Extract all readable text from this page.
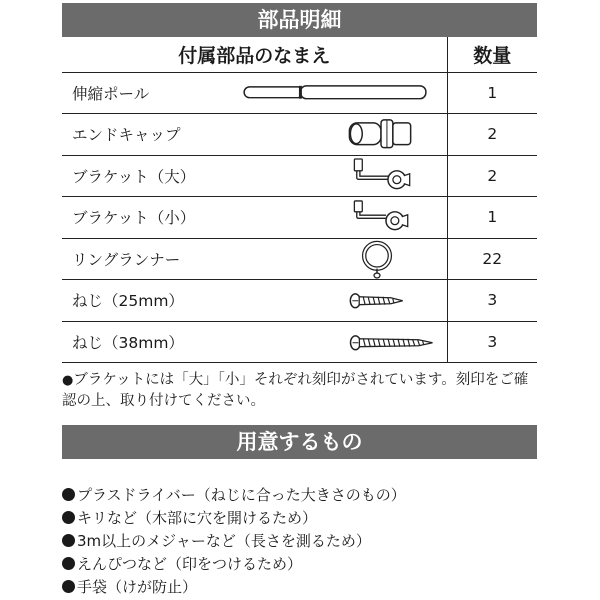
部品明細
付属部品のなまえ	数量
伸縮ポール	1
エンドキャップ	2
ブラケット（大）	2
ブラケット（小）	1
リングランナー	22
ねじ（25mm）	3
ねじ（38mm）	3

●ブラケットには「大」「小」それぞれ刻印がされています。刻印をご確認の上、取り付けてください。

用意するもの
プラスドライバー（ねじに合った大きさのもの）
キリなど（木部に穴を開けるため）
3m以上のメジャーなど（長さを測るため）
えんぴつなど（印をつけるため）
手袋（けが防止）
